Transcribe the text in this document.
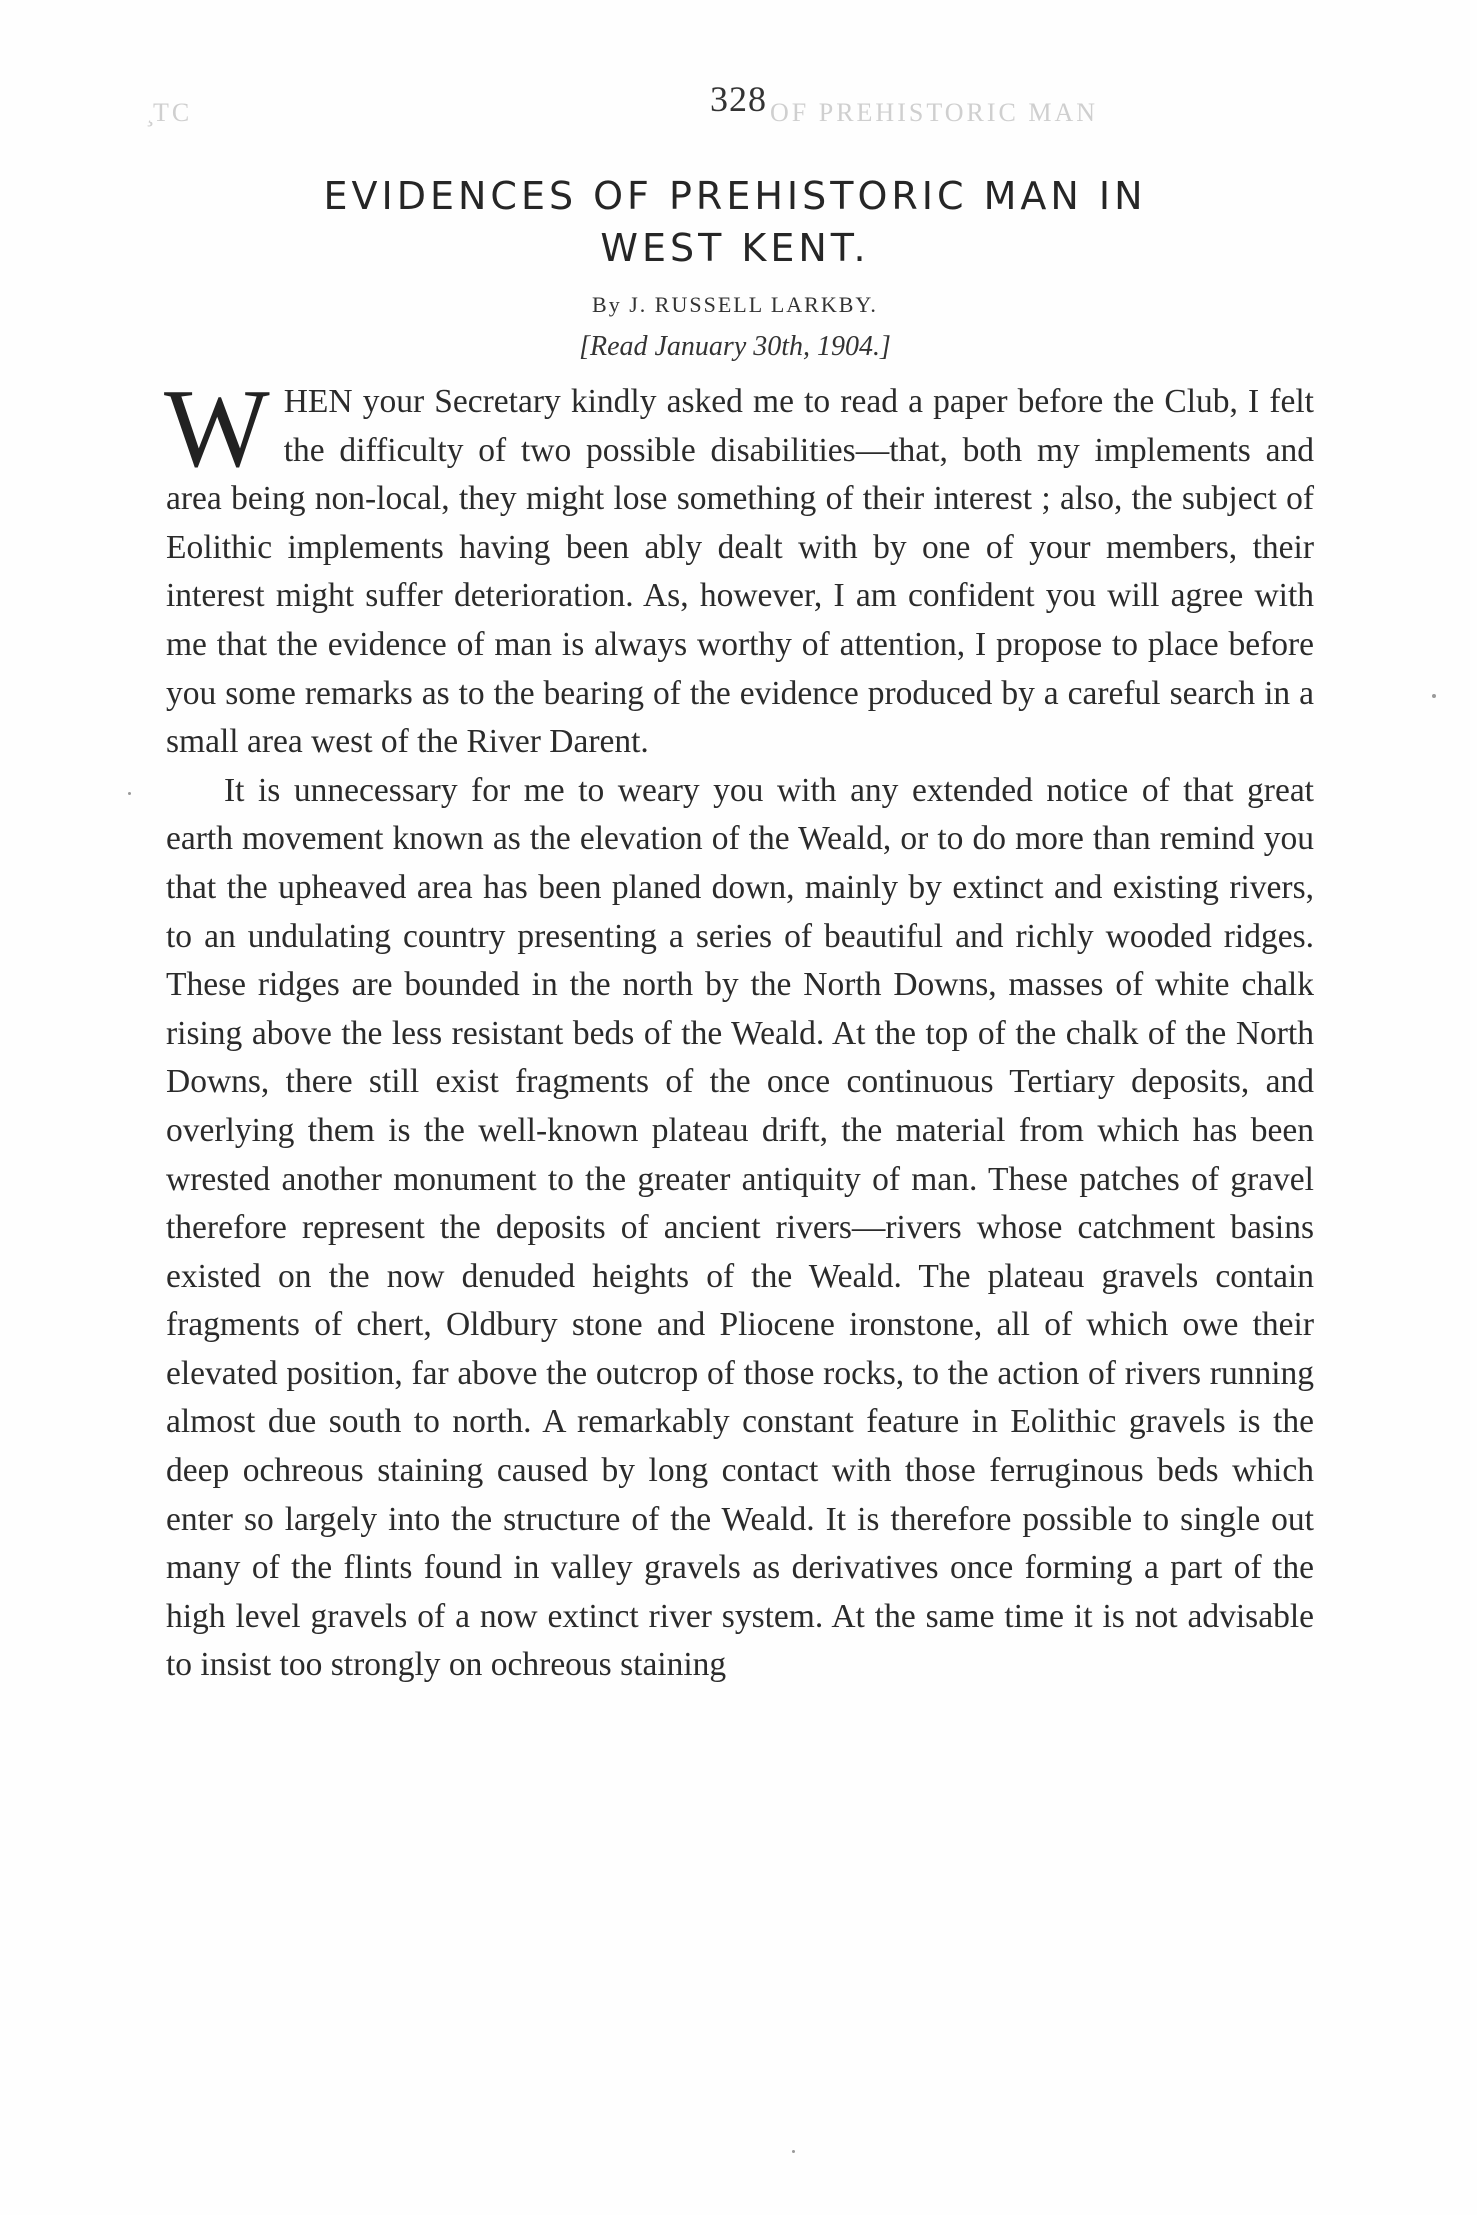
̧ТС	OF PREHISTORIC MAN
328
EVIDENCES OF PREHISTORIC MAN IN
WEST KENT.
By J. RUSSELL LARKBY.
[Read January 30th, 1904.]

W HEN your Secretary kindly asked me to read a paper before the Club, I felt the difficulty of two possible disabilities—that, both my implements and area being non-local, they might lose something of their interest ; also, the subject of Eolithic implements having been ably dealt with by one of your members, their interest might suffer deterioration. As, however, I am confident you will agree with me that the evidence of man is always worthy of attention, I propose to place before you some remarks as to the bearing of the evidence produced by a careful search in a small area west of the River Darent.

It is unnecessary for me to weary you with any extended notice of that great earth movement known as the elevation of the Weald, or to do more than remind you that the upheaved area has been planed down, mainly by extinct and existing rivers, to an undulating country presenting a series of beautiful and richly wooded ridges. These ridges are bounded in the north by the North Downs, masses of white chalk rising above the less resistant beds of the Weald. At the top of the chalk of the North Downs, there still exist fragments of the once continuous Tertiary deposits, and overlying them is the well-known plateau drift, the material from which has been wrested another monument to the greater antiquity of man. These patches of gravel therefore represent the deposits of ancient rivers—rivers whose catchment basins existed on the now denuded heights of the Weald. The plateau gravels contain fragments of chert, Oldbury stone and Pliocene ironstone, all of which owe their elevated position, far above the outcrop of those rocks, to the action of rivers running almost due south to north. A remarkably constant feature in Eolithic gravels is the deep ochreous staining caused by long contact with those ferruginous beds which enter so largely into the structure of the Weald. It is therefore possible to single out many of the flints found in valley gravels as derivatives once forming a part of the high level gravels of a now extinct river system. At the same time it is not advisable to insist too strongly on ochreous staining
